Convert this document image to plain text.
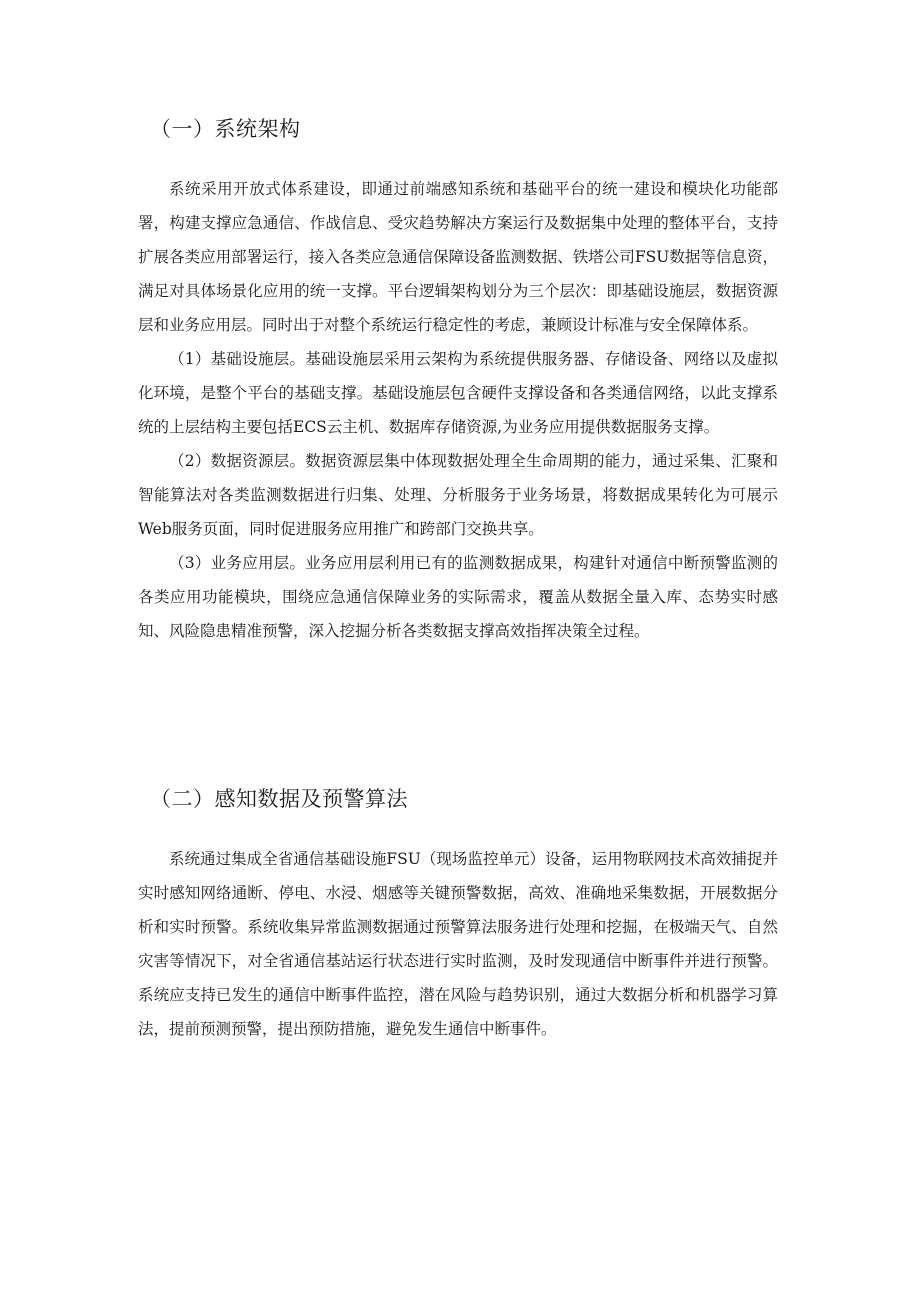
（一）系统架构

系统采用开放式体系建设，即通过前端感知系统和基础平台的统一建设和模块化功能部署，构建支撑应急通信、作战信息、受灾趋势解决方案运行及数据集中处理的整体平台，支持扩展各类应用部署运行，接入各类应急通信保障设备监测数据、铁塔公司FSU数据等信息资，满足对具体场景化应用的统一支撑。平台逻辑架构划分为三个层次：即基础设施层，数据资源层和业务应用层。同时出于对整个系统运行稳定性的考虑，兼顾设计标准与安全保障体系。

（1）基础设施层。基础设施层采用云架构为系统提供服务器、存储设备、网络以及虚拟化环境，是整个平台的基础支撑。基础设施层包含硬件支撑设备和各类通信网络，以此支撑系统的上层结构主要包括ECS云主机、数据库存储资源,为业务应用提供数据服务支撑。

（2）数据资源层。数据资源层集中体现数据处理全生命周期的能力，通过采集、汇聚和智能算法对各类监测数据进行归集、处理、分析服务于业务场景，将数据成果转化为可展示Web服务页面，同时促进服务应用推广和跨部门交换共享。

（3）业务应用层。业务应用层利用已有的监测数据成果，构建针对通信中断预警监测的各类应用功能模块，围绕应急通信保障业务的实际需求，覆盖从数据全量入库、态势实时感知、风险隐患精准预警，深入挖掘分析各类数据支撑高效指挥决策全过程。

（二）感知数据及预警算法

系统通过集成全省通信基础设施FSU（现场监控单元）设备，运用物联网技术高效捕捉并实时感知网络通断、停电、水浸、烟感等关键预警数据，高效、准确地采集数据，开展数据分析和实时预警。系统收集异常监测数据通过预警算法服务进行处理和挖掘，在极端天气、自然灾害等情况下，对全省通信基站运行状态进行实时监测，及时发现通信中断事件并进行预警。系统应支持已发生的通信中断事件监控，潜在风险与趋势识别，通过大数据分析和机器学习算法，提前预测预警，提出预防措施，避免发生通信中断事件。
